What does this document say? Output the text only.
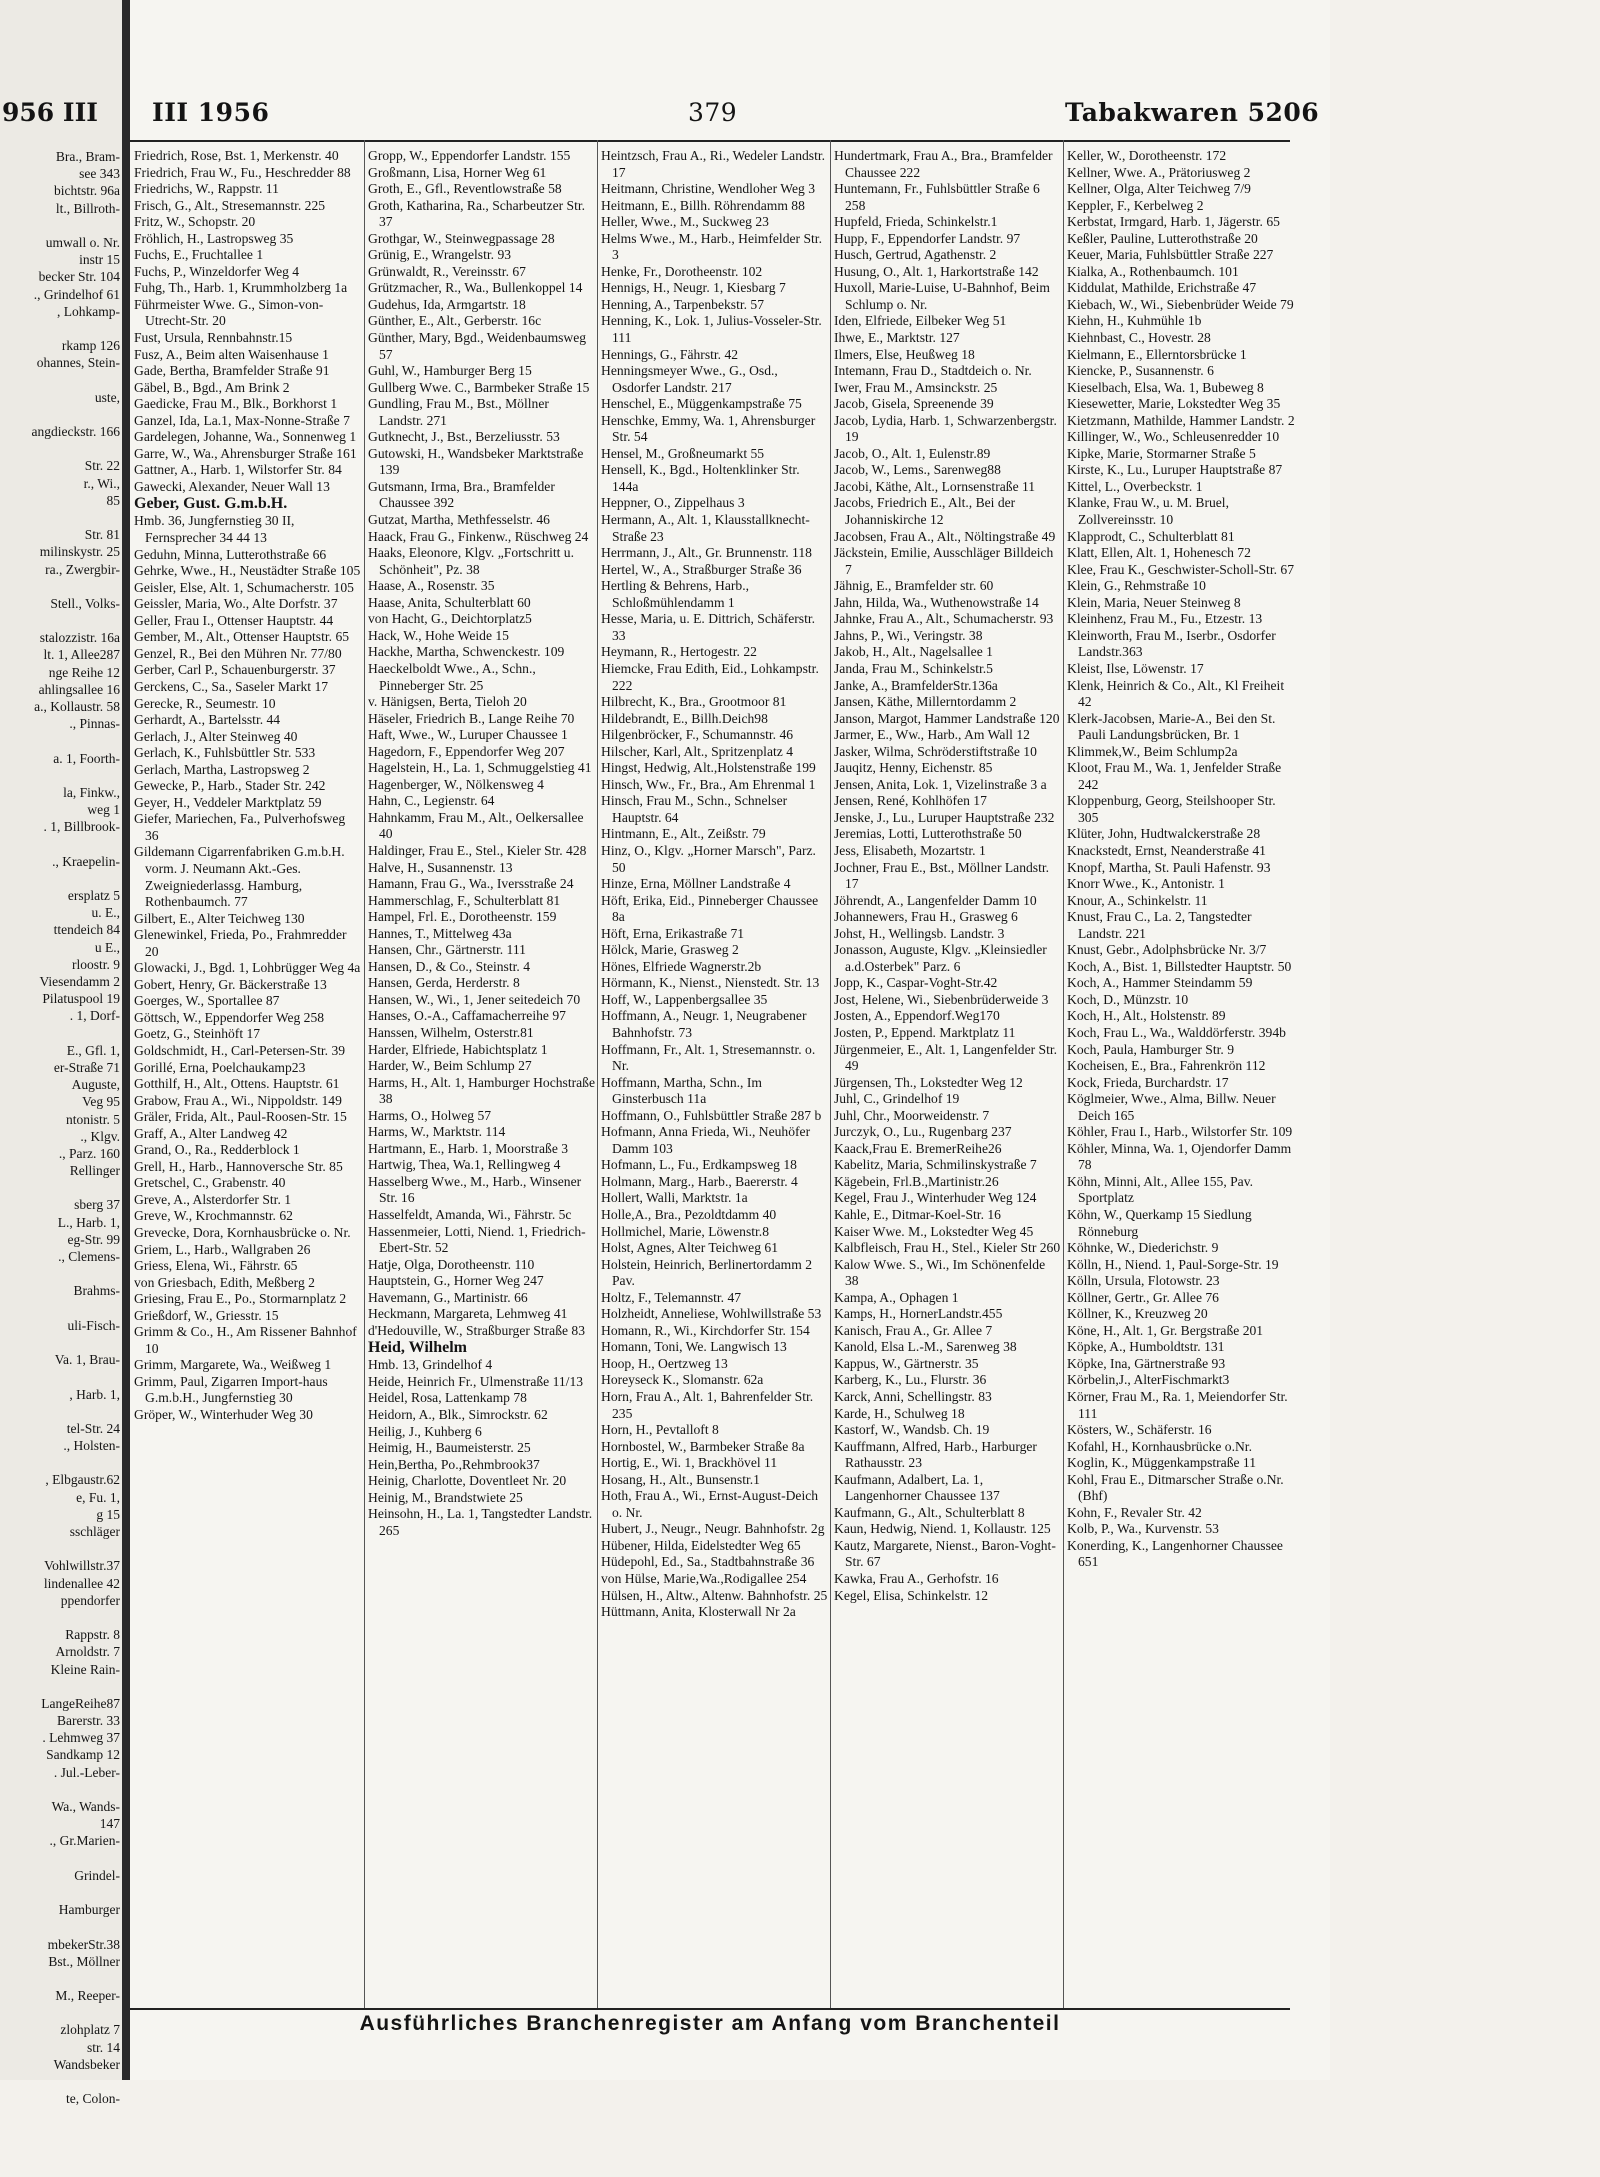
956 III
Bra., Bram-
see 343
bichtstr. 96a
lt., Billroth-
umwall o. Nr.
instr 15
becker Str. 104
., Grindelhof 61
, Lohkamp-
rkamp 126
ohannes, Stein-
uste,
angdieckstr. 166
Str. 22
r., Wi.,
85
Str. 81
milinskystr. 25
ra., Zwergbir-
Stell., Volks-
stalozzistr. 16a
lt. 1, Allee287
nge Reihe 12
ahlingsallee 16
a., Kollaustr. 58
., Pinnas-
a. 1, Foorth-
la, Finkw.,
weg 1
. 1, Billbrook-
., Kraepelin-
ersplatz 5
u. E.,
ttendeich 84
u E.,
rloostr. 9
Viesendamm 2
Pilatuspool 19
. 1, Dorf-
E., Gfl. 1,
er-Straße 71
Auguste,
Veg 95
ntonistr. 5
., Klgv.
., Parz. 160
Rellinger
sberg 37
L., Harb. 1,
eg-Str. 99
., Clemens-
Brahms-
uli-Fisch-
Va. 1, Brau-
, Harb. 1,
tel-Str. 24
., Holsten-
, Elbgaustr.62
e, Fu. 1,
g 15
sschläger
Vohlwillstr.37
lindenallee 42
ppendorfer
Rappstr. 8
Arnoldstr. 7
Kleine Rain-
LangeReihe87
Barerstr. 33
. Lehmweg 37
Sandkamp 12
. Jul.-Leber-
Wa., Wands-
147
., Gr.Marien-
Grindel-
Hamburger
mbekerStr.38
Bst., Möllner
M., Reeper-
zlohplatz 7
str. 14
Wandsbeker
te, Colon-
III 1956	379	Tabakwaren 5206
Friedrich, Rose, Bst. 1, Merkenstr. 40
Friedrich, Frau W., Fu., Heschredder 88
Friedrichs, W., Rappstr. 11
Frisch, G., Alt., Stresemannstr. 225
Fritz, W., Schopstr. 20
Fröhlich, H., Lastropsweg 35
Fuchs, E., Fruchtallee 1
Fuchs, P., Winzeldorfer Weg 4
Fuhg, Th., Harb. 1, Krummholzberg 1a
Führmeister Wwe. G., Simon-von-Utrecht-Str. 20
Fust, Ursula, Rennbahnstr.15
Fusz, A., Beim alten Waisenhause 1
Gade, Bertha, Bramfelder Straße 91
Gäbel, B., Bgd., Am Brink 2
Gaedicke, Frau M., Blk., Borkhorst 1
Ganzel, Ida, La.1, Max-Nonne-Straße 7
Gardelegen, Johanne, Wa., Sonnenweg 1
Garre, W., Wa., Ahrensburger Straße 161
Gattner, A., Harb. 1, Wilstorfer Str. 84
Gawecki, Alexander, Neuer Wall 13
Geber, Gust. G.m.b.H.
Hmb. 36, Jungfernstieg 30 II, Fernsprecher 34 44 13
Geduhn, Minna, Lutterothstraße 66
Gehrke, Wwe., H., Neustädter Straße 105
Geisler, Else, Alt. 1, Schumacherstr. 105
Geissler, Maria, Wo., Alte Dorfstr. 37
Geller, Frau I., Ottenser Hauptstr. 44
Gember, M., Alt., Ottenser Hauptstr. 65
Genzel, R., Bei den Mühren Nr. 77/80
Gerber, Carl P., Schauenburgerstr. 37
Gerckens, C., Sa., Saseler Markt 17
Gerecke, R., Seumestr. 10
Gerhardt, A., Bartelsstr. 44
Gerlach, J., Alter Steinweg 40
Gerlach, K., Fuhlsbüttler Str. 533
Gerlach, Martha, Lastropsweg 2
Gewecke, P., Harb., Stader Str. 242
Geyer, H., Veddeler Marktplatz 59
Giefer, Mariechen, Fa., Pulverhofsweg 36
Gildemann Cigarrenfabriken G.m.b.H. vorm. J. Neumann Akt.-Ges. Zweigniederlassg. Hamburg, Rothenbaumch. 77
Gilbert, E., Alter Teichweg 130
Glenewinkel, Frieda, Po., Frahmredder 20
Glowacki, J., Bgd. 1, Lohbrügger Weg 4a
Gobert, Henry, Gr. Bäckerstraße 13
Goerges, W., Sportallee 87
Göttsch, W., Eppendorfer Weg 258
Goetz, G., Steinhöft 17
Goldschmidt, H., Carl-Petersen-Str. 39
Gorillé, Erna, Poelchaukamp23
Gotthilf, H., Alt., Ottens. Hauptstr. 61
Grabow, Frau A., Wi., Nippoldstr. 149
Gräler, Frida, Alt., Paul-Roosen-Str. 15
Graff, A., Alter Landweg 42
Grand, O., Ra., Redderblock 1
Grell, H., Harb., Hannoversche Str. 85
Gretschel, C., Grabenstr. 40
Greve, A., Alsterdorfer Str. 1
Greve, W., Krochmannstr. 62
Grevecke, Dora, Kornhausbrücke o. Nr.
Griem, L., Harb., Wallgraben 26
Griess, Elena, Wi., Fährstr. 65
von Griesbach, Edith, Meßberg 2
Griesing, Frau E., Po., Stormarnplatz 2
Grießdorf, W., Griesstr. 15
Grimm & Co., H., Am Rissener Bahnhof 10
Grimm, Margarete, Wa., Weißweg 1
Grimm, Paul, Zigarren Import-haus G.m.b.H., Jungfernstieg 30
Gröper, W., Winterhuder Weg 30
Gropp, W., Eppendorfer Landstr. 155
Großmann, Lisa, Horner Weg 61
Groth, E., Gfl., Reventlowstraße 58
Groth, Katharina, Ra., Scharbeutzer Str. 37
Grothgar, W., Steinwegpassage 28
Grünig, E., Wrangelstr. 93
Grünwaldt, R., Vereinsstr. 67
Grützmacher, R., Wa., Bullenkoppel 14
Gudehus, Ida, Armgartstr. 18
Günther, E., Alt., Gerberstr. 16c
Günther, Mary, Bgd., Weidenbaumsweg 57
Guhl, W., Hamburger Berg 15
Gullberg Wwe. C., Barmbeker Straße 15
Gundling, Frau M., Bst., Möllner Landstr. 271
Gutknecht, J., Bst., Berzeliusstr. 53
Gutowski, H., Wandsbeker Marktstraße 139
Gutsmann, Irma, Bra., Bramfelder Chaussee 392
Gutzat, Martha, Methfesselstr. 46
Haack, Frau G., Finkenw., Rüschweg 24
Haaks, Eleonore, Klgv. „Fortschritt u. Schönheit", Pz. 38
Haase, A., Rosenstr. 35
Haase, Anita, Schulterblatt 60
von Hacht, G., Deichtorplatz5
Hack, W., Hohe Weide 15
Hackhe, Martha, Schwenckestr. 109
Haeckelboldt Wwe., A., Schn., Pinneberger Str. 25
v. Hänigsen, Berta, Tieloh 20
Häseler, Friedrich B., Lange Reihe 70
Haft, Wwe., W., Luruper Chaussee 1
Hagedorn, F., Eppendorfer Weg 207
Hagelstein, H., La. 1, Schmuggelstieg 41
Hagenberger, W., Nölkensweg 4
Hahn, C., Legienstr. 64
Hahnkamm, Frau M., Alt., Oelkersallee 40
Haldinger, Frau E., Stel., Kieler Str. 428
Halve, H., Susannenstr. 13
Hamann, Frau G., Wa., Iversstraße 24
Hammerschlag, F., Schulterblatt 81
Hampel, Frl. E., Dorotheenstr. 159
Hannes, T., Mittelweg 43a
Hansen, Chr., Gärtnerstr. 111
Hansen, D., & Co., Steinstr. 4
Hansen, Gerda, Herderstr. 8
Hansen, W., Wi., 1, Jener seitedeich 70
Hanses, O.-A., Caffamacherreihe 97
Hanssen, Wilhelm, Osterstr.81
Harder, Elfriede, Habichtsplatz 1
Harder, W., Beim Schlump 27
Harms, H., Alt. 1, Hamburger Hochstraße 38
Harms, O., Holweg 57
Harms, W., Marktstr. 114
Hartmann, E., Harb. 1, Moorstraße 3
Hartwig, Thea, Wa.1, Rellingweg 4
Hasselberg Wwe., M., Harb., Winsener Str. 16
Hasselfeldt, Amanda, Wi., Fährstr. 5c
Hassenmeier, Lotti, Niend. 1, Friedrich-Ebert-Str. 52
Hatje, Olga, Dorotheenstr. 110
Hauptstein, G., Horner Weg 247
Havemann, G., Martinistr. 66
Heckmann, Margareta, Lehmweg 41
d'Hedouville, W., Straßburger Straße 83
Heid, Wilhelm
Hmb. 13, Grindelhof 4
Heide, Heinrich Fr., Ulmenstraße 11/13
Heidel, Rosa, Lattenkamp 78
Heidorn, A., Blk., Simrockstr. 62
Heilig, J., Kuhberg 6
Heimig, H., Baumeisterstr. 25
Hein,Bertha, Po.,Rehmbrook37
Heinig, Charlotte, Doventleet Nr. 20
Heinig, M., Brandstwiete 25
Heinsohn, H., La. 1, Tangstedter Landstr. 265
Heintzsch, Frau A., Ri., Wedeler Landstr. 17
Heitmann, Christine, Wendloher Weg 3
Heitmann, E., Billh. Röhrendamm 88
Heller, Wwe., M., Suckweg 23
Helms Wwe., M., Harb., Heimfelder Str. 3
Henke, Fr., Dorotheenstr. 102
Hennigs, H., Neugr. 1, Kiesbarg 7
Henning, A., Tarpenbekstr. 57
Henning, K., Lok. 1, Julius-Vosseler-Str. 111
Hennings, G., Fährstr. 42
Henningsmeyer Wwe., G., Osd., Osdorfer Landstr. 217
Henschel, E., Müggenkampstraße 75
Henschke, Emmy, Wa. 1, Ahrensburger Str. 54
Hensel, M., Großneumarkt 55
Hensell, K., Bgd., Holtenklinker Str. 144a
Heppner, O., Zippelhaus 3
Hermann, A., Alt. 1, Klausstallknecht-Straße 23
Herrmann, J., Alt., Gr. Brunnenstr. 118
Hertel, W., A., Straßburger Straße 36
Hertling & Behrens, Harb., Schloßmühlendamm 1
Hesse, Maria, u. E. Dittrich, Schäferstr. 33
Heymann, R., Hertogestr. 22
Hiemcke, Frau Edith, Eid., Lohkampstr. 222
Hilbrecht, K., Bra., Grootmoor 81
Hildebrandt, E., Billh.Deich98
Hilgenbröcker, F., Schumannstr. 46
Hilscher, Karl, Alt., Spritzenplatz 4
Hingst, Hedwig, Alt.,Holstenstraße 199
Hinsch, Ww., Fr., Bra., Am Ehrenmal 1
Hinsch, Frau M., Schn., Schnelser Hauptstr. 64
Hintmann, E., Alt., Zeißstr. 79
Hinz, O., Klgv. „Horner Marsch", Parz. 50
Hinze, Erna, Möllner Landstraße 4
Höft, Erika, Eid., Pinneberger Chaussee 8a
Höft, Erna, Erikastraße 71
Hölck, Marie, Grasweg 2
Hönes, Elfriede Wagnerstr.2b
Hörmann, K., Nienst., Nienstedt. Str. 13
Hoff, W., Lappenbergsallee 35
Hoffmann, A., Neugr. 1, Neugrabener Bahnhofstr. 73
Hoffmann, Fr., Alt. 1, Stresemannstr. o. Nr.
Hoffmann, Martha, Schn., Im Ginsterbusch 11a
Hoffmann, O., Fuhlsbüttler Straße 287 b
Hofmann, Anna Frieda, Wi., Neuhöfer Damm 103
Hofmann, L., Fu., Erdkampsweg 18
Holmann, Marg., Harb., Baererstr. 4
Hollert, Walli, Marktstr. 1a
Holle,A., Bra., Pezoldtdamm 40
Hollmichel, Marie, Löwenstr.8
Holst, Agnes, Alter Teichweg 61
Holstein, Heinrich, Berlinertordamm 2 Pav.
Holtz, F., Telemannstr. 47
Holzheidt, Anneliese, Wohlwillstraße 53
Homann, R., Wi., Kirchdorfer Str. 154
Homann, Toni, We. Langwisch 13
Hoop, H., Oertzweg 13
Horeyseck K., Slomanstr. 62a
Horn, Frau A., Alt. 1, Bahrenfelder Str. 235
Horn, H., Pevtalloft 8
Hornbostel, W., Barmbeker Straße 8a
Hortig, E., Wi. 1, Brackhövel 11
Hosang, H., Alt., Bunsenstr.1
Hoth, Frau A., Wi., Ernst-August-Deich o. Nr.
Hubert, J., Neugr., Neugr. Bahnhofstr. 2g
Hübener, Hilda, Eidelstedter Weg 65
Hüdepohl, Ed., Sa., Stadtbahnstraße 36
von Hülse, Marie,Wa.,Rodigallee 254
Hülsen, H., Altw., Altenw. Bahnhofstr. 25
Hüttmann, Anita, Klosterwall Nr 2a
Hundertmark, Frau A., Bra., Bramfelder Chaussee 222
Huntemann, Fr., Fuhlsbüttler Straße 6 258
Hupfeld, Frieda, Schinkelstr.1
Hupp, F., Eppendorfer Landstr. 97
Husch, Gertrud, Agathenstr. 2
Husung, O., Alt. 1, Harkortstraße 142
Huxoll, Marie-Luise, U-Bahnhof, Beim Schlump o. Nr.
Iden, Elfriede, Eilbeker Weg 51
Ihwe, E., Marktstr. 127
Ilmers, Else, Heußweg 18
Intemann, Frau D., Stadtdeich o. Nr.
Iwer, Frau M., Amsinckstr. 25
Jacob, Gisela, Spreenende 39
Jacob, Lydia, Harb. 1, Schwarzenbergstr. 19
Jacob, O., Alt. 1, Eulenstr.89
Jacob, W., Lems., Sarenweg88
Jacobi, Käthe, Alt., Lornsenstraße 11
Jacobs, Friedrich E., Alt., Bei der Johanniskirche 12
Jacobsen, Frau A., Alt., Nöltingstraße 49
Jäckstein, Emilie, Ausschläger Billdeich 7
Jähnig, E., Bramfelder str. 60
Jahn, Hilda, Wa., Wuthenowstraße 14
Jahnke, Frau A., Alt., Schumacherstr. 93
Jahns, P., Wi., Veringstr. 38
Jakob, H., Alt., Nagelsallee 1
Janda, Frau M., Schinkelstr.5
Janke, A., BramfelderStr.136a
Jansen, Käthe, Millerntordamm 2
Janson, Margot, Hammer Landstraße 120
Jarmer, E., Ww., Harb., Am Wall 12
Jasker, Wilma, Schröderstiftstraße 10
Jauqitz, Henny, Eichenstr. 85
Jensen, Anita, Lok. 1, Vizelinstraße 3 a
Jensen, René, Kohlhöfen 17
Jenske, J., Lu., Luruper Hauptstraße 232
Jeremias, Lotti, Lutterothstraße 50
Jess, Elisabeth, Mozartstr. 1
Jochner, Frau E., Bst., Möllner Landstr. 17
Jöhrendt, A., Langenfelder Damm 10
Johannewers, Frau H., Grasweg 6
Johst, H., Wellingsb. Landstr. 3
Jonasson, Auguste, Klgv. „Kleinsiedler a.d.Osterbek" Parz. 6
Jopp, K., Caspar-Voght-Str.42
Jost, Helene, Wi., Siebenbrüderweide 3
Josten, A., Eppendorf.Weg170
Josten, P., Eppend. Marktplatz 11
Jürgenmeier, E., Alt. 1, Langenfelder Str. 49
Jürgensen, Th., Lokstedter Weg 12
Juhl, C., Grindelhof 19
Juhl, Chr., Moorweidenstr. 7
Jurczyk, O., Lu., Rugenbarg 237
Kaack,Frau E. BremerReihe26
Kabelitz, Maria, Schmilinskystraße 7
Kägebein, Frl.B.,Martinistr.26
Kegel, Frau J., Winterhuder Weg 124
Kahle, E., Ditmar-Koel-Str. 16
Kaiser Wwe. M., Lokstedter Weg 45
Kalbfleisch, Frau H., Stel., Kieler Str 260
Kalow Wwe. S., Wi., Im Schönenfelde 38
Kampa, A., Ophagen 1
Kamps, H., HornerLandstr.455
Kanisch, Frau A., Gr. Allee 7
Kanold, Elsa L.-M., Sarenweg 38
Kappus, W., Gärtnerstr. 35
Karberg, K., Lu., Flurstr. 36
Karck, Anni, Schellingstr. 83
Karde, H., Schulweg 18
Kastorf, W., Wandsb. Ch. 19
Kauffmann, Alfred, Harb., Harburger Rathausstr. 23
Kaufmann, Adalbert, La. 1, Langenhorner Chaussee 137
Kaufmann, G., Alt., Schulterblatt 8
Kaun, Hedwig, Niend. 1, Kollaustr. 125
Kautz, Margarete, Nienst., Baron-Voght-Str. 67
Kawka, Frau A., Gerhofstr. 16
Kegel, Elisa, Schinkelstr. 12
Keller, W., Dorotheenstr. 172
Kellner, Wwe. A., Prätoriusweg 2
Kellner, Olga, Alter Teichweg 7/9
Keppler, F., Kerbelweg 2
Kerbstat, Irmgard, Harb. 1, Jägerstr. 65
Keßler, Pauline, Lutterothstraße 20
Keuer, Maria, Fuhlsbüttler Straße 227
Kialka, A., Rothenbaumch. 101
Kiddulat, Mathilde, Erichstraße 47
Kiebach, W., Wi., Siebenbrüder Weide 79
Kiehn, H., Kuhmühle 1b
Kiehnbast, C., Hovestr. 28
Kielmann, E., Ellerntorsbrücke 1
Kiencke, P., Susannenstr. 6
Kieselbach, Elsa, Wa. 1, Bubeweg 8
Kiesewetter, Marie, Lokstedter Weg 35
Kietzmann, Mathilde, Hammer Landstr. 2
Killinger, W., Wo., Schleusenredder 10
Kipke, Marie, Stormarner Straße 5
Kirste, K., Lu., Luruper Hauptstraße 87
Kittel, L., Overbeckstr. 1
Klanke, Frau W., u. M. Bruel, Zollvereinsstr. 10
Klapprodt, C., Schulterblatt 81
Klatt, Ellen, Alt. 1, Hohenesch 72
Klee, Frau K., Geschwister-Scholl-Str. 67
Klein, G., Rehmstraße 10
Klein, Maria, Neuer Steinweg 8
Kleinhenz, Frau M., Fu., Etzestr. 13
Kleinworth, Frau M., Iserbr., Osdorfer Landstr.363
Kleist, Ilse, Löwenstr. 17
Klenk, Heinrich & Co., Alt., Kl Freiheit 42
Klerk-Jacobsen, Marie-A., Bei den St. Pauli Landungsbrücken, Br. 1
Klimmek,W., Beim Schlump2a
Kloot, Frau M., Wa. 1, Jenfelder Straße 242
Kloppenburg, Georg, Steilshooper Str. 305
Klüter, John, Hudtwalckerstraße 28
Knackstedt, Ernst, Neanderstraße 41
Knopf, Martha, St. Pauli Hafenstr. 93
Knorr Wwe., K., Antonistr. 1
Knour, A., Schinkelstr. 11
Knust, Frau C., La. 2, Tangstedter Landstr. 221
Knust, Gebr., Adolphsbrücke Nr. 3/7
Koch, A., Bist. 1, Billstedter Hauptstr. 50
Koch, A., Hammer Steindamm 59
Koch, D., Münzstr. 10
Koch, H., Alt., Holstenstr. 89
Koch, Frau L., Wa., Walddörferstr. 394b
Koch, Paula, Hamburger Str. 9
Kocheisen, E., Bra., Fahrenkrön 112
Kock, Frieda, Burchardstr. 17
Köglmeier, Wwe., Alma, Billw. Neuer Deich 165
Köhler, Frau I., Harb., Wilstorfer Str. 109
Köhler, Minna, Wa. 1, Ojendorfer Damm 78
Köhn, Minni, Alt., Allee 155, Pav. Sportplatz
Köhn, W., Querkamp 15 Siedlung Rönneburg
Köhnke, W., Diederichstr. 9
Kölln, H., Niend. 1, Paul-Sorge-Str. 19
Kölln, Ursula, Flotowstr. 23
Köllner, Gertr., Gr. Allee 76
Köllner, K., Kreuzweg 20
Köne, H., Alt. 1, Gr. Bergstraße 201
Köpke, A., Humboldtstr. 131
Köpke, Ina, Gärtnerstraße 93
Körbelin,J., AlterFischmarkt3
Körner, Frau M., Ra. 1, Meiendorfer Str. 111
Kösters, W., Schäferstr. 16
Kofahl, H., Kornhausbrücke o.Nr.
Koglin, K., Müggenkampstraße 11
Kohl, Frau E., Ditmarscher Straße o.Nr. (Bhf)
Kohn, F., Revaler Str. 42
Kolb, P., Wa., Kurvenstr. 53
Konerding, K., Langenhorner Chaussee 651
Ausführliches Branchenregister am Anfang vom Branchenteil
